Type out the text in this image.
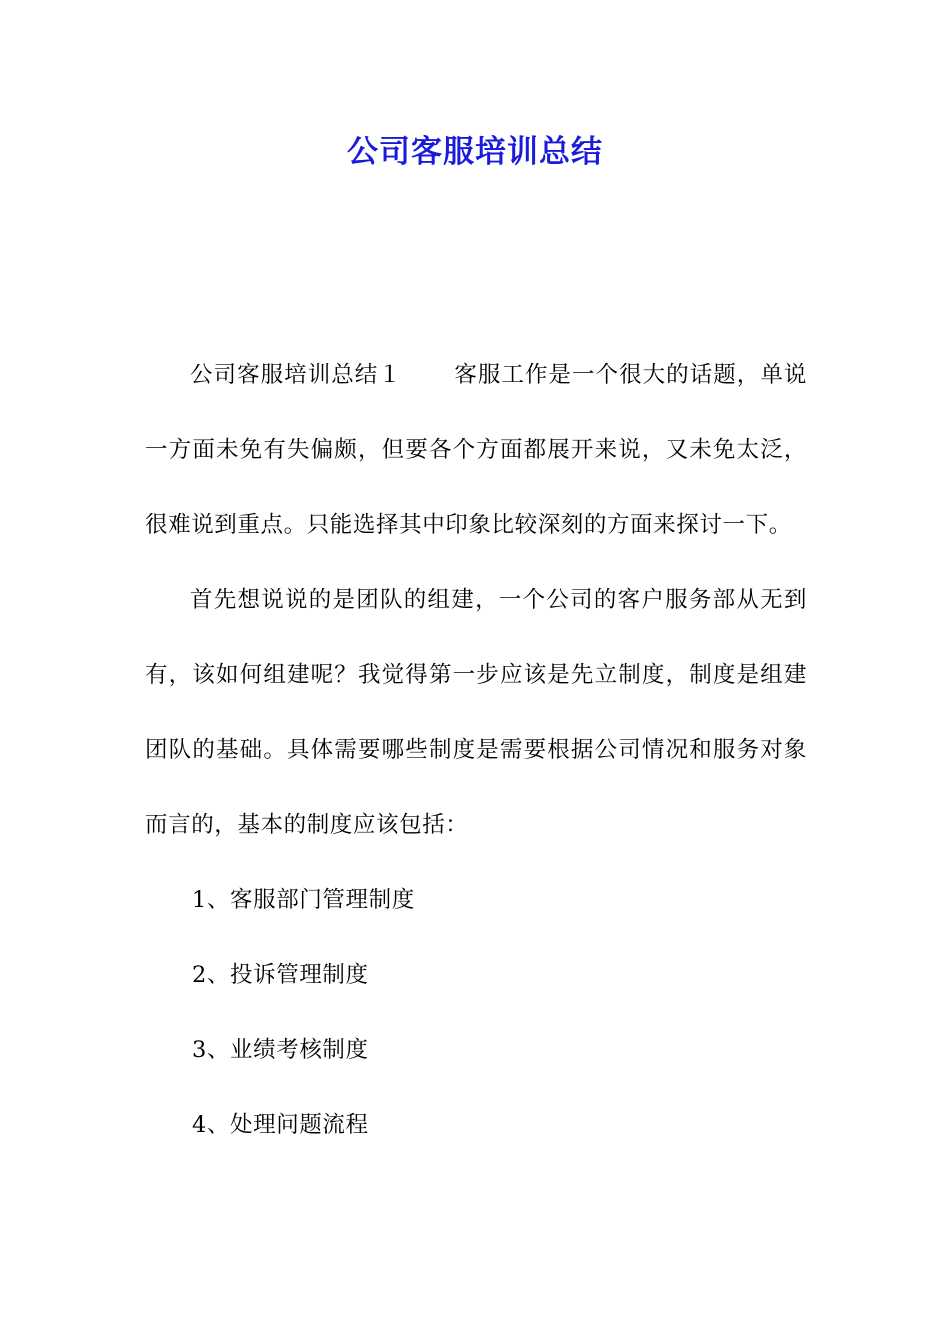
公司客服培训总结

公司客服培训总结１ 客服工作是一个很大的话题，单说一方面未免有失偏颇，但要各个方面都展开来说，又未免太泛，很难说到重点。只能选择其中印象比较深刻的方面来探讨一下。

首先想说说的是团队的组建，一个公司的客户服务部从无到有，该如何组建呢？我觉得第一步应该是先立制度，制度是组建团队的基础。具体需要哪些制度是需要根据公司情况和服务对象而言的，基本的制度应该包括：

1、客服部门管理制度

2、投诉管理制度

3、业绩考核制度

4、处理问题流程
